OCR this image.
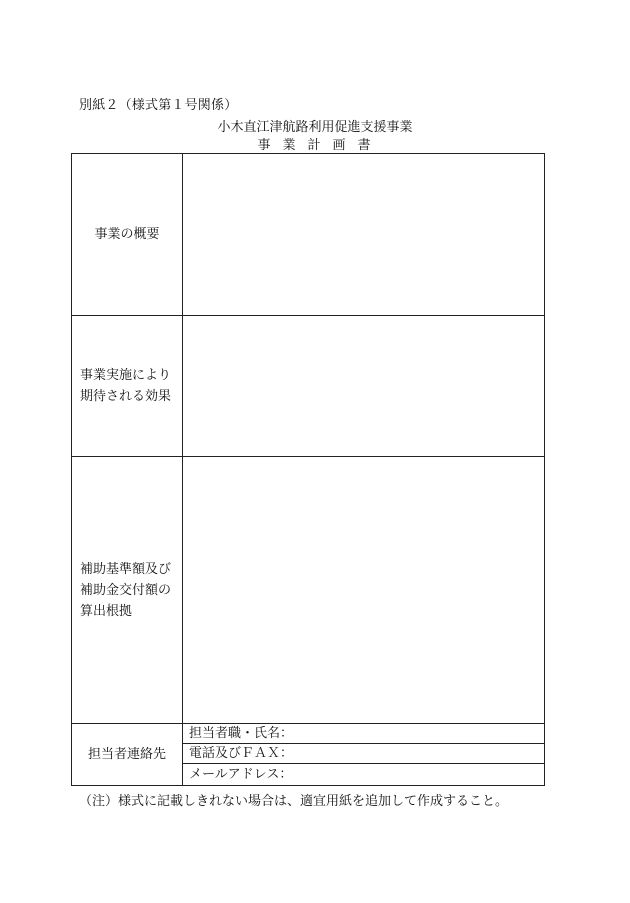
別紙２（様式第１号関係）
小木直江津航路利用促進支援事業
事業計画書
事業の概要
事業実施により
期待される効果
補助基準額及び
補助金交付額の
算出根拠
担当者連絡先
担当者職・氏名：
電話及びＦＡＸ：
メールアドレス：
（注）様式に記載しきれない場合は、適宜用紙を追加して作成すること。
